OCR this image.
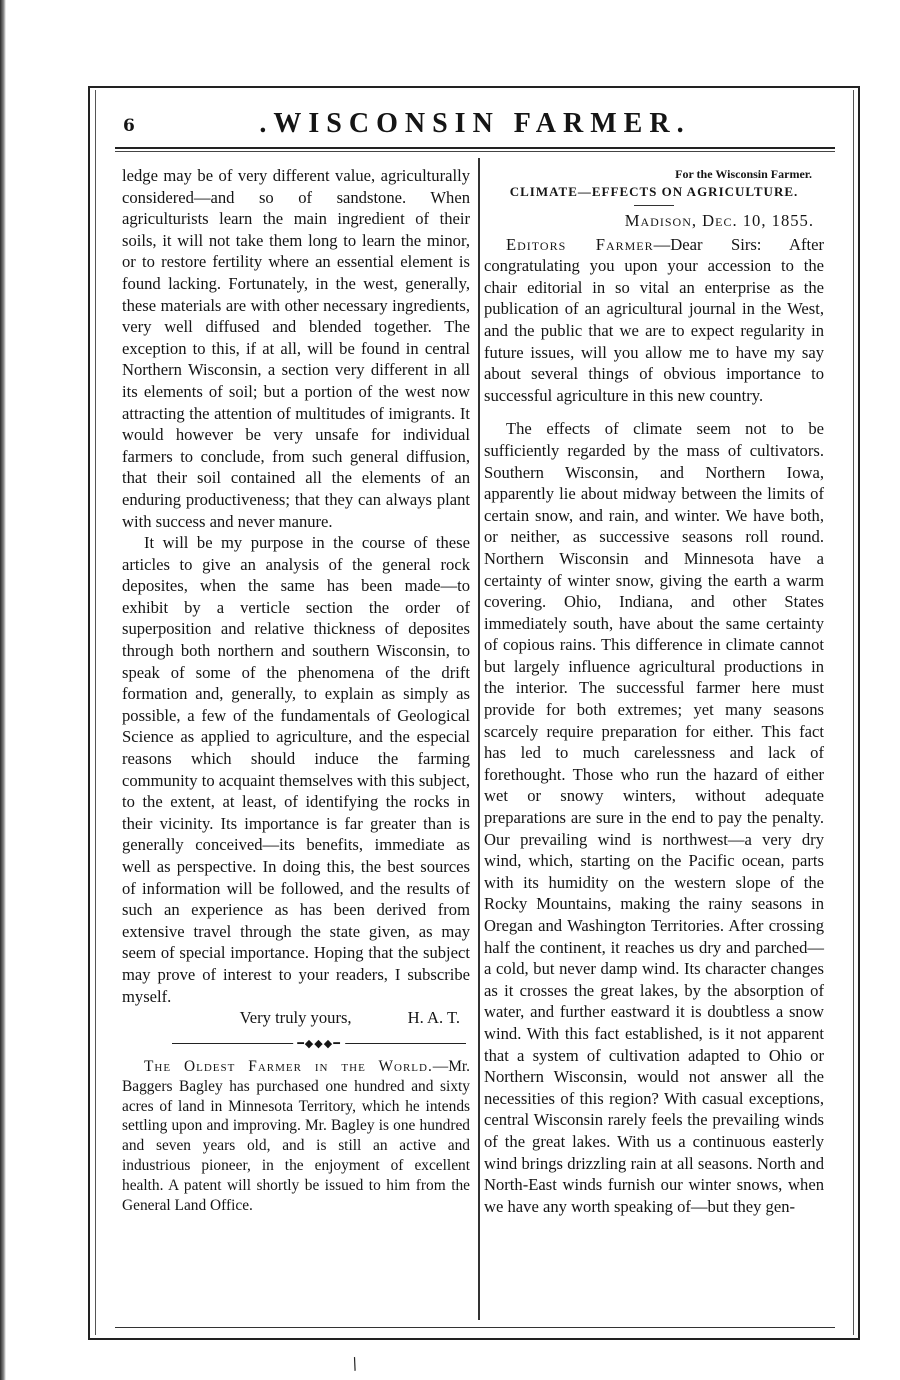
6	.WISCONSIN FARMER.

ledge may be of very different value, agriculturally considered—and so of sandstone. When agriculturists learn the main ingredient of their soils, it will not take them long to learn the minor, or to restore fertility where an essential element is found lacking. Fortunately, in the west, generally, these materials are with other necessary ingredients, very well diffused and blended together. The exception to this, if at all, will be found in central Northern Wisconsin, a section very different in all its elements of soil; but a portion of the west now attracting the attention of multitudes of imigrants. It would however be very unsafe for individual farmers to conclude, from such general diffusion, that their soil contained all the elements of an enduring productiveness; that they can always plant with success and never manure.

It will be my purpose in the course of these articles to give an analysis of the general rock deposites, when the same has been made—to exhibit by a verticle section the order of superposition and relative thickness of deposites through both northern and southern Wisconsin, to speak of some of the phenomena of the drift formation and, generally, to explain as simply as possible, a few of the fundamentals of Geological Science as applied to agriculture, and the especial reasons which should induce the farming community to acquaint themselves with this subject, to the extent, at least, of identifying the rocks in their vicinity. Its importance is far greater than is generally conceived—its benefits, immediate as well as perspective. In doing this, the best sources of information will be followed, and the results of such an experience as has been derived from extensive travel through the state given, as may seem of special importance. Hoping that the subject may prove of interest to your readers, I subscribe myself.

Very truly yours,	H. A. T.
━◆◆◆━

The Oldest Farmer in the World.—Mr. Baggers Bagley has purchased one hundred and sixty acres of land in Minnesota Territory, which he intends settling upon and improving. Mr. Bagley is one hundred and seven years old, and is still an active and industrious pioneer, in the enjoyment of excellent health. A patent will shortly be issued to him from the General Land Office.

For the Wisconsin Farmer.
CLIMATE—EFFECTS ON AGRICULTURE.
Madison, Dec. 10, 1855.

Editors Farmer—Dear Sirs: After congratulating you upon your accession to the chair editorial in so vital an enterprise as the publication of an agricultural journal in the West, and the public that we are to expect regularity in future issues, will you allow me to have my say about several things of obvious importance to successful agriculture in this new country.

The effects of climate seem not to be sufficiently regarded by the mass of cultivators. Southern Wisconsin, and Northern Iowa, apparently lie about midway between the limits of certain snow, and rain, and winter. We have both, or neither, as successive seasons roll round. Northern Wisconsin and Minnesota have a certainty of winter snow, giving the earth a warm covering. Ohio, Indiana, and other States immediately south, have about the same certainty of copious rains. This difference in climate cannot but largely influence agricultural productions in the interior. The successful farmer here must provide for both extremes; yet many seasons scarcely require preparation for either. This fact has led to much carelessness and lack of forethought. Those who run the hazard of either wet or snowy winters, without adequate preparations are sure in the end to pay the penalty. Our prevailing wind is northwest—a very dry wind, which, starting on the Pacific ocean, parts with its humidity on the western slope of the Rocky Mountains, making the rainy seasons in Oregan and Washington Territories. After crossing half the continent, it reaches us dry and parched—a cold, but never damp wind. Its character changes as it crosses the great lakes, by the absorption of water, and further eastward it is doubtless a snow wind. With this fact established, is it not apparent that a system of cultivation adapted to Ohio or Northern Wisconsin, would not answer all the necessities of this region? With casual exceptions, central Wisconsin rarely feels the prevailing winds of the great lakes. With us a continuous easterly wind brings drizzling rain at all seasons. North and North-East winds furnish our winter snows, when we have any worth speaking of—but they gen-

/
